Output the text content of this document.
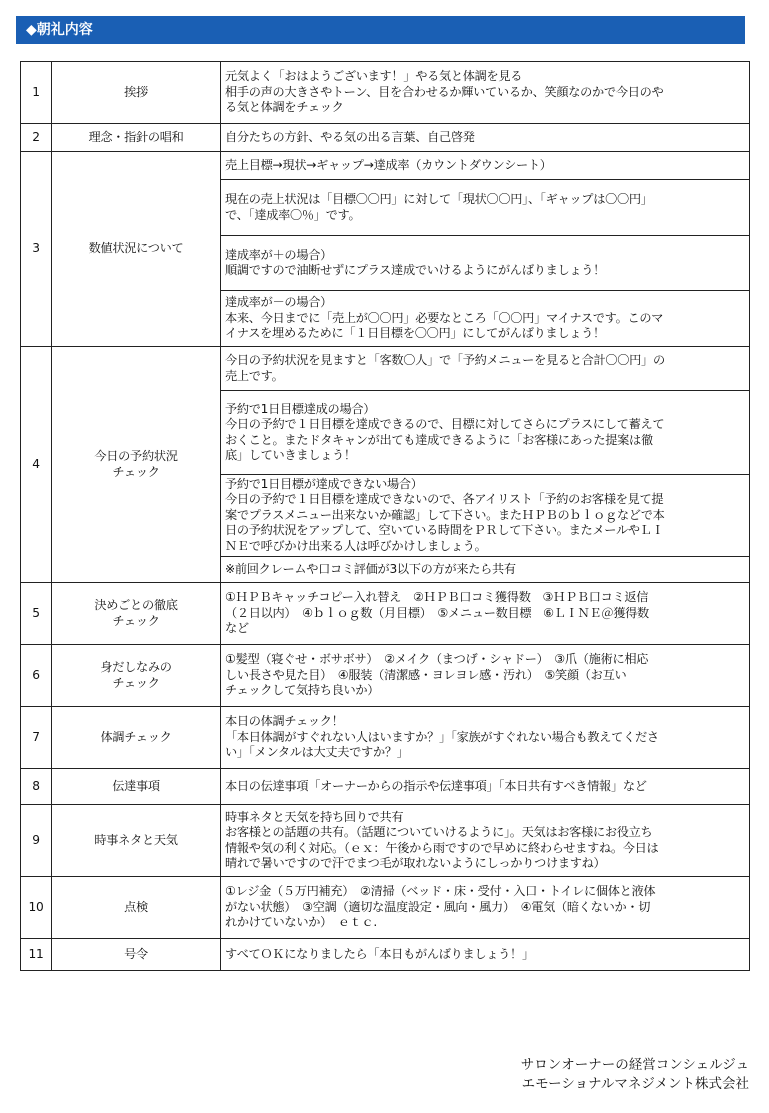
◆朝礼内容
1	挨拶	元気よく「おはようございます！」やる気と体調を見る
相手の声の大きさやトーン、目を合わせるか輝いているか、笑顔なのかで今日のや
る気と体調をチェック

2	理念・指針の唱和	自分たちの方針、やる気の出る言葉、自己啓発

3	数値状況について	売上目標→現状→ギャップ→達成率（カウントダウンシート）

		現在の売上状況は「目標〇〇円」に対して「現状〇〇円」、「ギャップは〇〇円」
で、「達成率〇％」です。

		達成率が＋の場合）
順調ですので油断せずにプラス達成でいけるようにがんばりましょう！

		達成率が－の場合）
本来、今日までに「売上が〇〇円」必要なところ「〇〇円」マイナスです。このマ
イナスを埋めるために「１日目標を〇〇円」にしてがんばりましょう！

4	今日の予約状況
チェック	今日の予約状況を見ますと「客数〇人」で「予約メニューを見ると合計〇〇円」の
売上です。

		予約で1日目標達成の場合）
今日の予約で１日目標を達成できるので、目標に対してさらにプラスにして蓄えて
おくこと。またドタキャンが出ても達成できるように「お客様にあった提案は徹
底」していきましょう！

		予約で1日目標が達成できない場合）
今日の予約で１日目標を達成できないので、各アイリスト「予約のお客様を見て提
案でプラスメニュー出来ないか確認」して下さい。またＨＰＢのｂｌｏｇなどで本
日の予約状況をアップして、空いている時間をＰＲして下さい。またメールやＬＩ
ＮＥで呼びかけ出来る人は呼びかけしましょう。

		※前回クレームや口コミ評価が3以下の方が来たら共有

5	決めごとの徹底
チェック	①ＨＰＢキャッチコピー入れ替え　②ＨＰＢ口コミ獲得数　③ＨＰＢ口コミ返信
（２日以内）　④ｂｌｏｇ数（月目標）　⑤メニュー数目標　⑥ＬＩＮＥ＠獲得数
など

6	身だしなみの
チェック	①髪型（寝ぐせ・ボサボサ）　②メイク（まつげ・シャドー）　③爪（施術に相応
しい長さや見た目）　④服装（清潔感・ヨレヨレ感・汚れ）　⑤笑顔（お互い
チェックして気持ち良いか）

7	体調チェック	本日の体調チェック！
「本日体調がすぐれない人はいますか？」「家族がすぐれない場合も教えてくださ
い」「メンタルは大丈夫ですか？」

8	伝達事項	本日の伝達事項「オーナーからの指示や伝達事項」「本日共有すべき情報」など

9	時事ネタと天気	時事ネタと天気を持ち回りで共有
お客様との話題の共有。（話題についていけるように」。天気はお客様にお役立ち
情報や気の利く対応。（ｅｘ：午後から雨ですので早めに終わらせますね。今日は
晴れで暑いですので汗でまつ毛が取れないようにしっかりつけますね）

10	点検	①レジ金（５万円補充）　②清掃（ベッド・床・受付・入口・トイレに個体と液体
がない状態）　③空調（適切な温度設定・風向・風力）　④電気（暗くないか・切
れかけていないか）　ｅｔｃ.

11	号令	すべてＯＫになりましたら「本日もがんばりましょう！」
サロンオーナーの経営コンシェルジュ
エモーショナルマネジメント株式会社
